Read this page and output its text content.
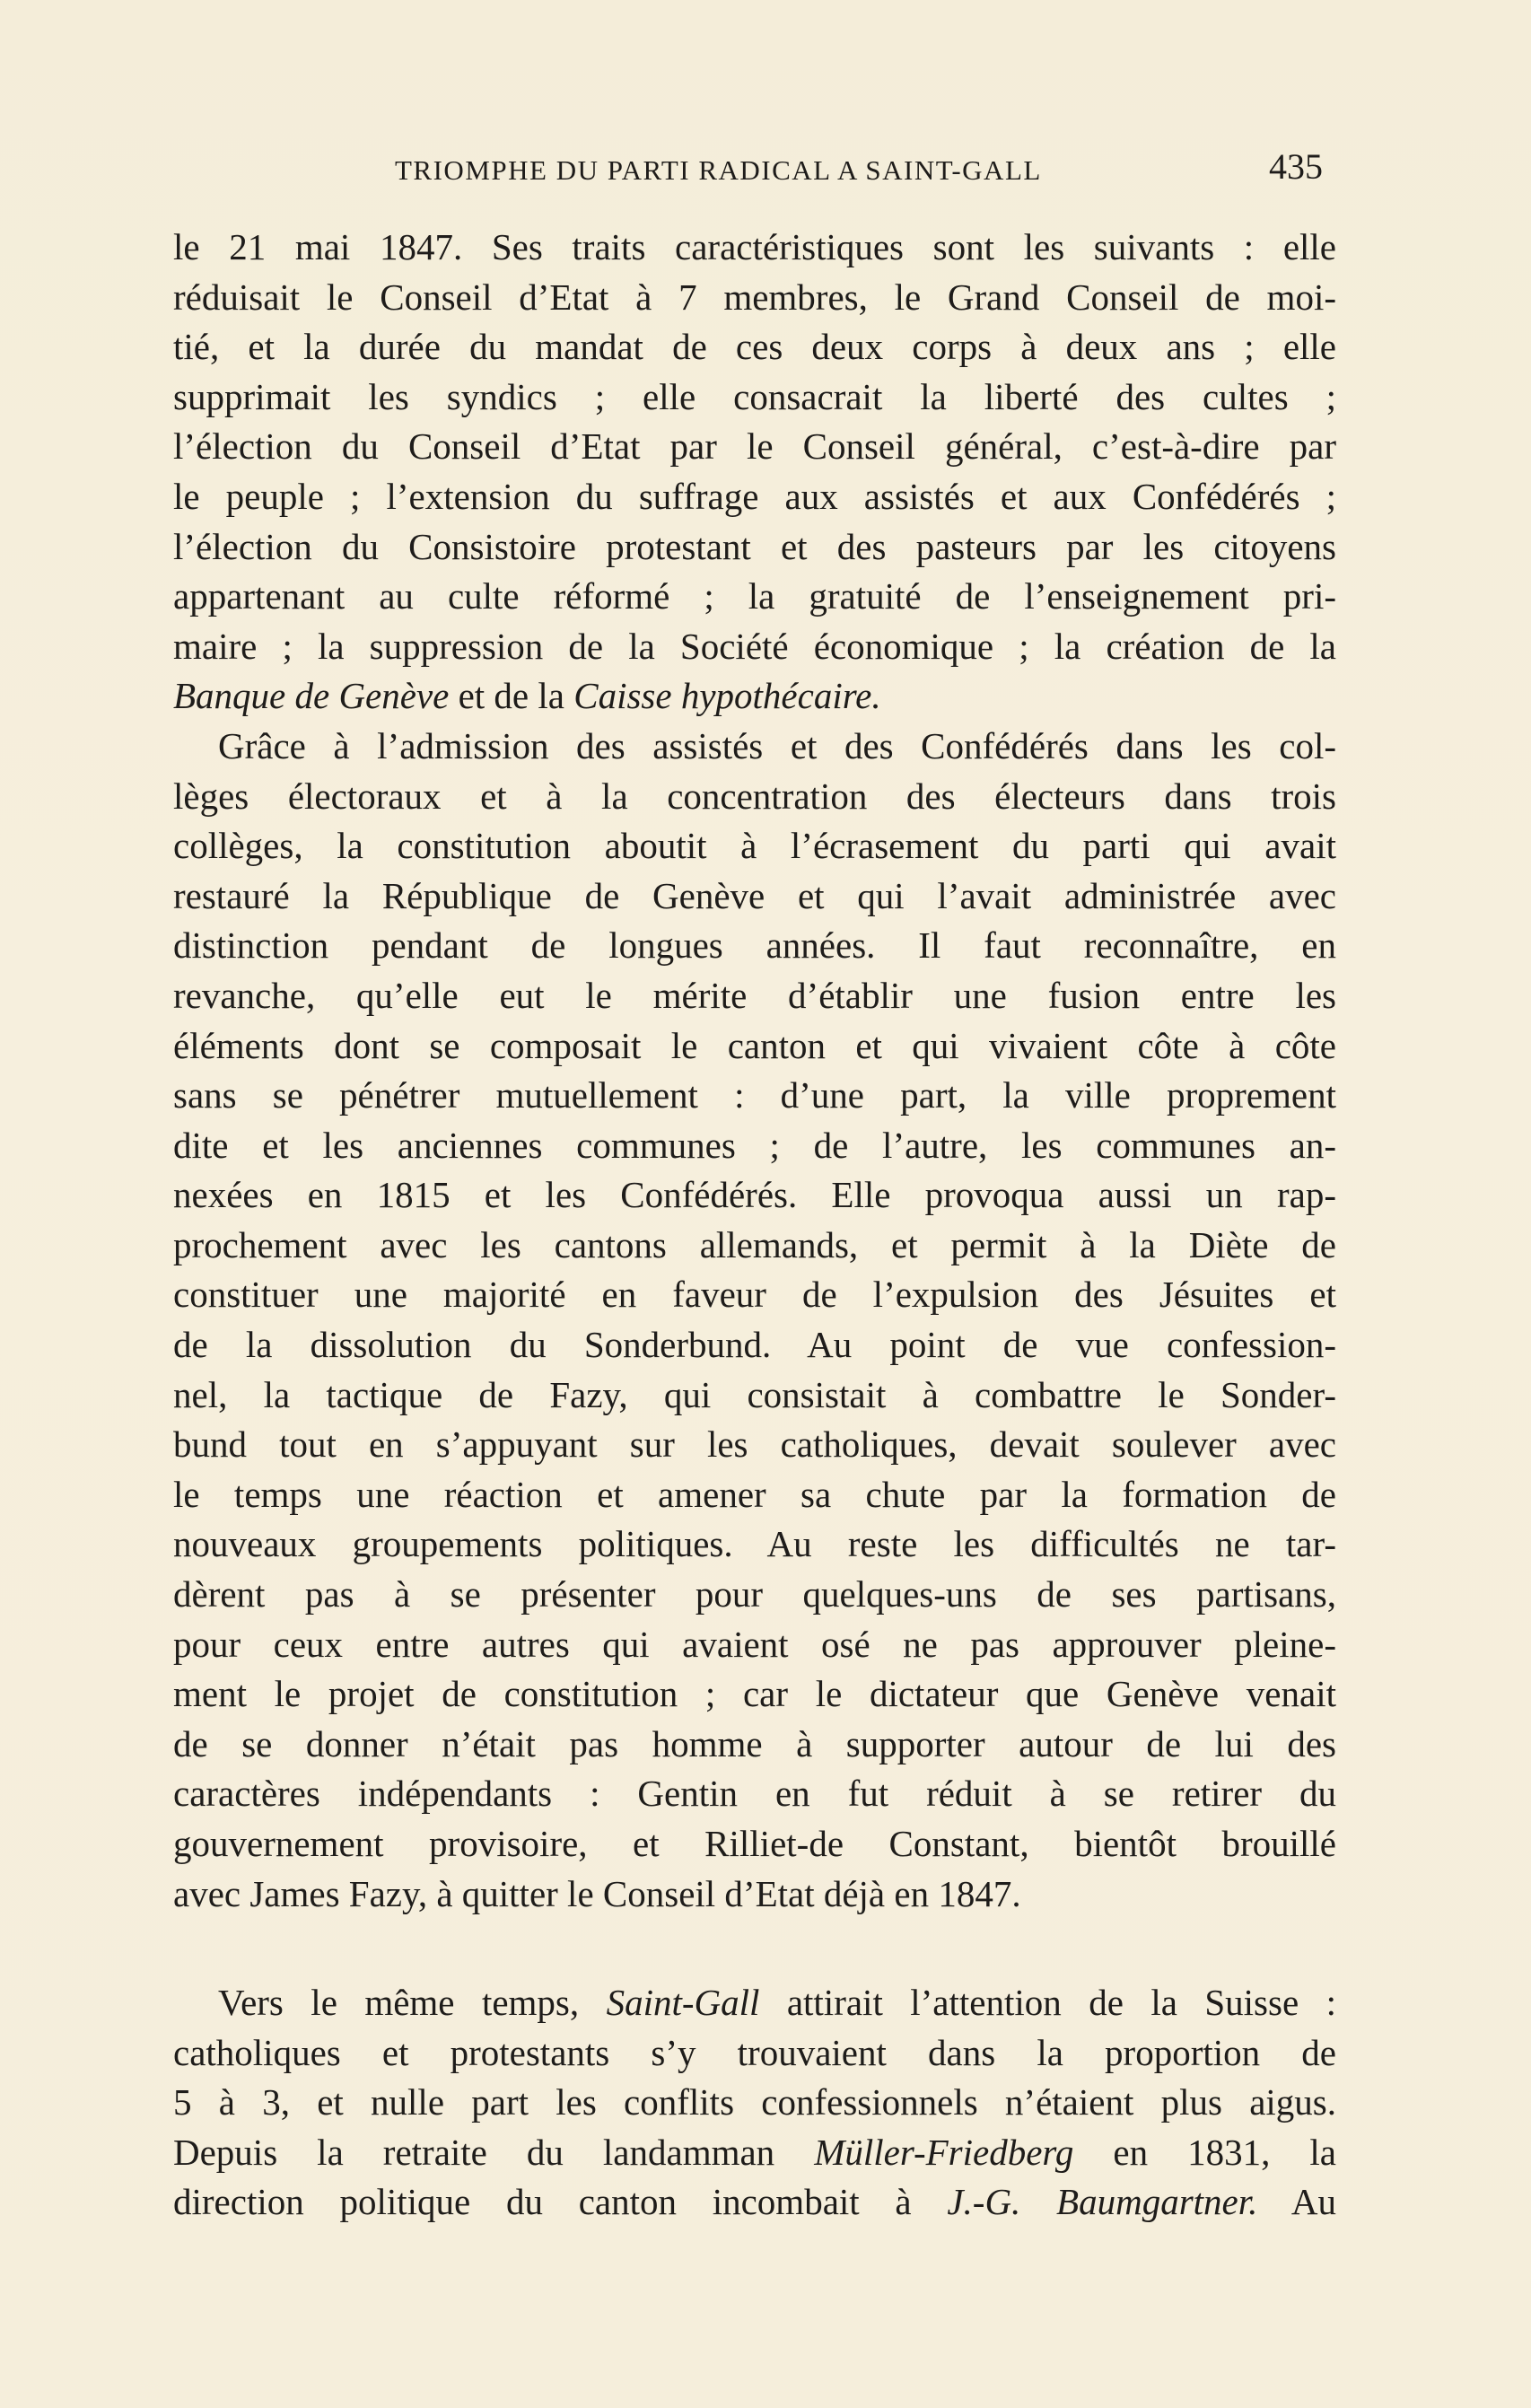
TRIOMPHE DU PARTI RADICAL A SAINT-GALL	435
le 21 mai 1847. Ses traits caractéristiques sont les suivants : elle
réduisait le Conseil d’Etat à 7 membres, le Grand Conseil de moi-
tié, et la durée du mandat de ces deux corps à deux ans ; elle
supprimait les syndics ; elle consacrait la liberté des cultes ;
l’élection du Conseil d’Etat par le Conseil général, c’est-à-dire par
le peuple ; l’extension du suffrage aux assistés et aux Confédérés ;
l’élection du Consistoire protestant et des pasteurs par les citoyens
appartenant au culte réformé ; la gratuité de l’enseignement pri-
maire ; la suppression de la Société économique ; la création de la
Banque de Genève et de la Caisse hypothécaire.
Grâce à l’admission des assistés et des Confédérés dans les col-
lèges électoraux et à la concentration des électeurs dans trois
collèges, la constitution aboutit à l’écrasement du parti qui avait
restauré la République de Genève et qui l’avait administrée avec
distinction pendant de longues années. Il faut reconnaître, en
revanche, qu’elle eut le mérite d’établir une fusion entre les
éléments dont se composait le canton et qui vivaient côte à côte
sans se pénétrer mutuellement : d’une part, la ville proprement
dite et les anciennes communes ; de l’autre, les communes an-
nexées en 1815 et les Confédérés. Elle provoqua aussi un rap-
prochement avec les cantons allemands, et permit à la Diète de
constituer une majorité en faveur de l’expulsion des Jésuites et
de la dissolution du Sonderbund. Au point de vue confession-
nel, la tactique de Fazy, qui consistait à combattre le Sonder-
bund tout en s’appuyant sur les catholiques, devait soulever avec
le temps une réaction et amener sa chute par la formation de
nouveaux groupements politiques. Au reste les difficultés ne tar-
dèrent pas à se présenter pour quelques-uns de ses partisans,
pour ceux entre autres qui avaient osé ne pas approuver pleine-
ment le projet de constitution ; car le dictateur que Genève venait
de se donner n’était pas homme à supporter autour de lui des
caractères indépendants : Gentin en fut réduit à se retirer du
gouvernement provisoire, et Rilliet-de Constant, bientôt brouillé
avec James Fazy, à quitter le Conseil d’Etat déjà en 1847.
Vers le même temps, Saint-Gall attirait l’attention de la Suisse :
catholiques et protestants s’y trouvaient dans la proportion de
5 à 3, et nulle part les conflits confessionnels n’étaient plus aigus.
Depuis la retraite du landamman Müller-Friedberg en 1831, la
direction politique du canton incombait à J.-G. Baumgartner. Au
